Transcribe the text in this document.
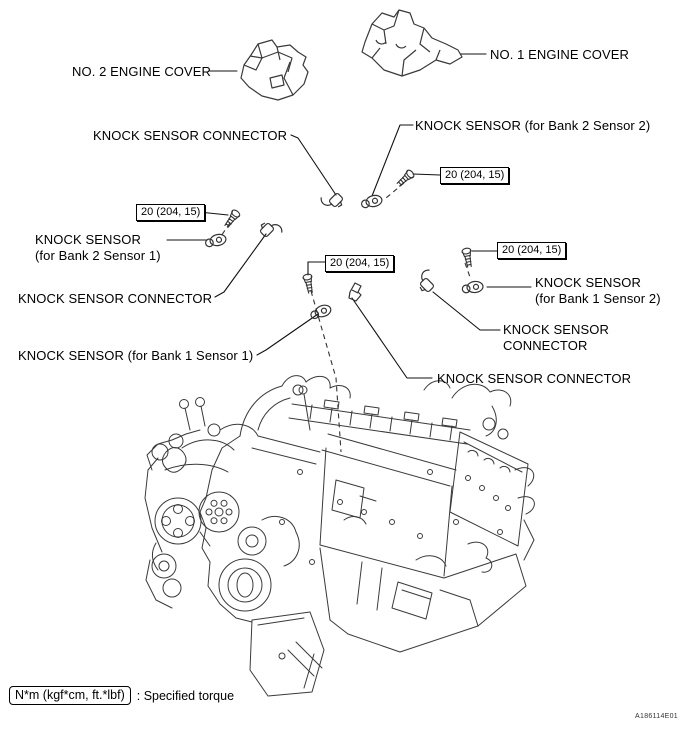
NO. 2 ENGINE COVER
NO. 1 ENGINE COVER
KNOCK SENSOR CONNECTOR
KNOCK SENSOR (for Bank 2 Sensor 2)
KNOCK SENSOR
(for Bank 2 Sensor 1)
KNOCK SENSOR CONNECTOR
KNOCK SENSOR
(for Bank 1 Sensor 2)
KNOCK SENSOR
CONNECTOR
KNOCK SENSOR (for Bank 1 Sensor 1)
KNOCK SENSOR CONNECTOR
20 (204, 15)
20 (204, 15)
20 (204, 15)
20 (204, 15)
N*m (kgf*cm, ft.*lbf) : Specified torque
A186114E01
